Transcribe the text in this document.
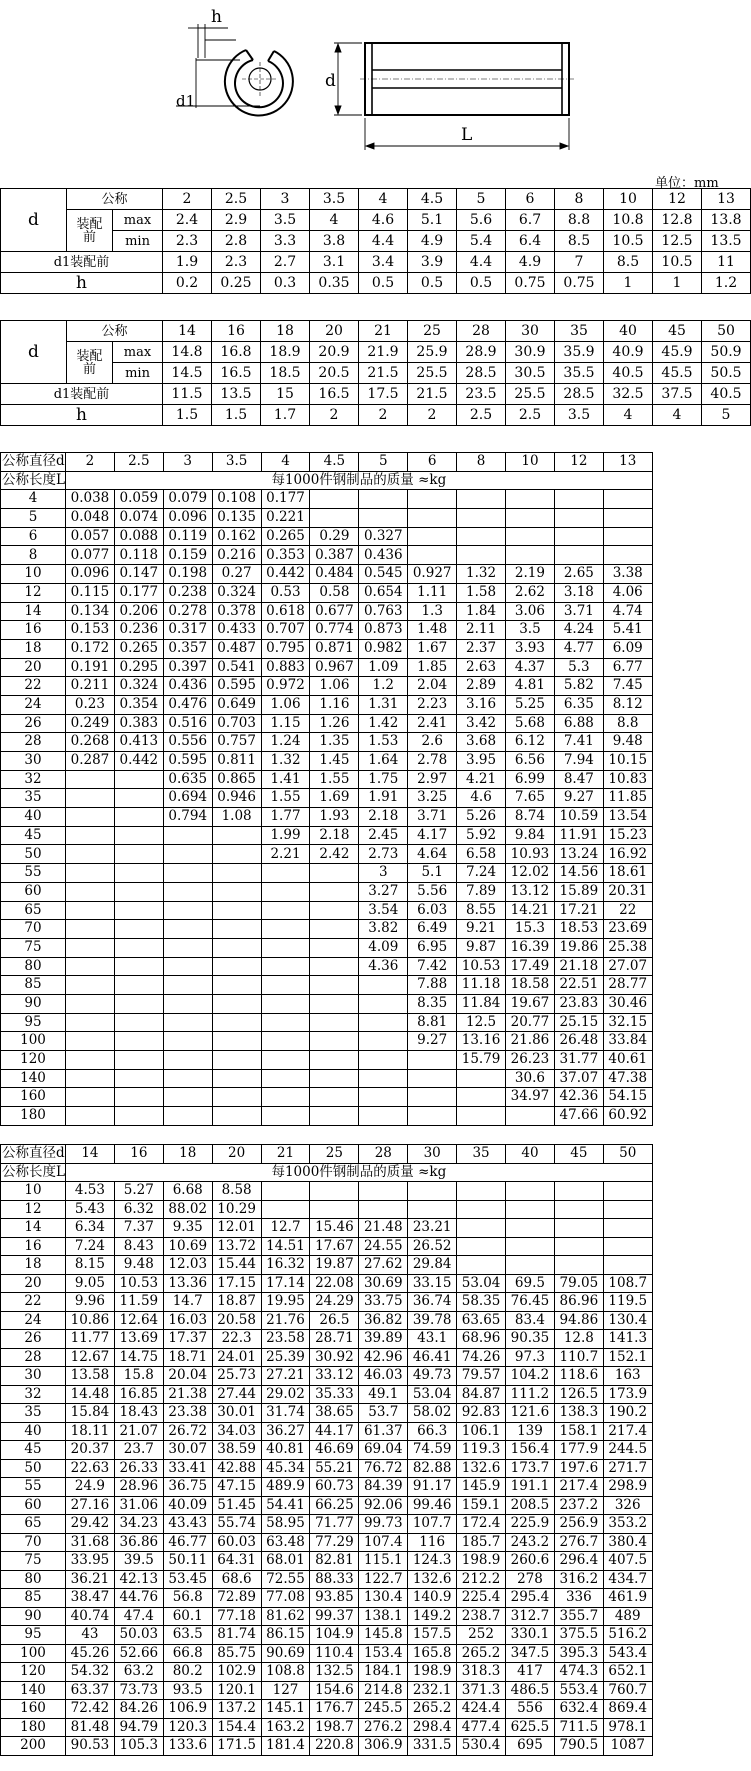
h
d1
d
L
单位：mm
d	公称		2	2.5	3	3.5	4	4.5	5	6	8	10	12	13
	装配
前	max	2.4	2.9	3.5	4	4.6	5.1	5.6	6.7	8.8	10.8	12.8	13.8
		min	2.3	2.8	3.3	3.8	4.4	4.9	5.4	6.4	8.5	10.5	12.5	13.5
d1装配前			1.9	2.3	2.7	3.1	3.4	3.9	4.4	4.9	7	8.5	10.5	11
h			0.2	0.25	0.3	0.35	0.5	0.5	0.5	0.75	0.75	1	1	1.2
d	公称		14	16	18	20	21	25	28	30	35	40	45	50
	装配
前	max	14.8	16.8	18.9	20.9	21.9	25.9	28.9	30.9	35.9	40.9	45.9	50.9
		min	14.5	16.5	18.5	20.5	21.5	25.5	28.5	30.5	35.5	40.5	45.5	50.5
d1装配前			11.5	13.5	15	16.5	17.5	21.5	23.5	25.5	28.5	32.5	37.5	40.5
h			1.5	1.5	1.7	2	2	2	2.5	2.5	3.5	4	4	5
公称直径d	2	2.5	3	3.5	4	4.5	5	6	8	10	12	13
公称长度L	每1000件钢制品的质量 ≈kg											
4	0.038	0.059	0.079	0.108	0.177							
5	0.048	0.074	0.096	0.135	0.221							
6	0.057	0.088	0.119	0.162	0.265	0.29	0.327					
8	0.077	0.118	0.159	0.216	0.353	0.387	0.436					
10	0.096	0.147	0.198	0.27	0.442	0.484	0.545	0.927	1.32	2.19	2.65	3.38
12	0.115	0.177	0.238	0.324	0.53	0.58	0.654	1.11	1.58	2.62	3.18	4.06
14	0.134	0.206	0.278	0.378	0.618	0.677	0.763	1.3	1.84	3.06	3.71	4.74
16	0.153	0.236	0.317	0.433	0.707	0.774	0.873	1.48	2.11	3.5	4.24	5.41
18	0.172	0.265	0.357	0.487	0.795	0.871	0.982	1.67	2.37	3.93	4.77	6.09
20	0.191	0.295	0.397	0.541	0.883	0.967	1.09	1.85	2.63	4.37	5.3	6.77
22	0.211	0.324	0.436	0.595	0.972	1.06	1.2	2.04	2.89	4.81	5.82	7.45
24	0.23	0.354	0.476	0.649	1.06	1.16	1.31	2.23	3.16	5.25	6.35	8.12
26	0.249	0.383	0.516	0.703	1.15	1.26	1.42	2.41	3.42	5.68	6.88	8.8
28	0.268	0.413	0.556	0.757	1.24	1.35	1.53	2.6	3.68	6.12	7.41	9.48
30	0.287	0.442	0.595	0.811	1.32	1.45	1.64	2.78	3.95	6.56	7.94	10.15
32			0.635	0.865	1.41	1.55	1.75	2.97	4.21	6.99	8.47	10.83
35			0.694	0.946	1.55	1.69	1.91	3.25	4.6	7.65	9.27	11.85
40			0.794	1.08	1.77	1.93	2.18	3.71	5.26	8.74	10.59	13.54
45					1.99	2.18	2.45	4.17	5.92	9.84	11.91	15.23
50					2.21	2.42	2.73	4.64	6.58	10.93	13.24	16.92
55							3	5.1	7.24	12.02	14.56	18.61
60							3.27	5.56	7.89	13.12	15.89	20.31
65							3.54	6.03	8.55	14.21	17.21	22
70							3.82	6.49	9.21	15.3	18.53	23.69
75							4.09	6.95	9.87	16.39	19.86	25.38
80							4.36	7.42	10.53	17.49	21.18	27.07
85								7.88	11.18	18.58	22.51	28.77
90								8.35	11.84	19.67	23.83	30.46
95								8.81	12.5	20.77	25.15	32.15
100								9.27	13.16	21.86	26.48	33.84
120									15.79	26.23	31.77	40.61
140										30.6	37.07	47.38
160										34.97	42.36	54.15
180											47.66	60.92
公称直径d	14	16	18	20	21	25	28	30	35	40	45	50
公称长度L	每1000件钢制品的质量 ≈kg											
10	4.53	5.27	6.68	8.58								
12	5.43	6.32	88.02	10.29								
14	6.34	7.37	9.35	12.01	12.7	15.46	21.48	23.21				
16	7.24	8.43	10.69	13.72	14.51	17.67	24.55	26.52				
18	8.15	9.48	12.03	15.44	16.32	19.87	27.62	29.84				
20	9.05	10.53	13.36	17.15	17.14	22.08	30.69	33.15	53.04	69.5	79.05	108.7
22	9.96	11.59	14.7	18.87	19.95	24.29	33.75	36.74	58.35	76.45	86.96	119.5
24	10.86	12.64	16.03	20.58	21.76	26.5	36.82	39.78	63.65	83.4	94.86	130.4
26	11.77	13.69	17.37	22.3	23.58	28.71	39.89	43.1	68.96	90.35	12.8	141.3
28	12.67	14.75	18.71	24.01	25.39	30.92	42.96	46.41	74.26	97.3	110.7	152.1
30	13.58	15.8	20.04	25.73	27.21	33.12	46.03	49.73	79.57	104.2	118.6	163
32	14.48	16.85	21.38	27.44	29.02	35.33	49.1	53.04	84.87	111.2	126.5	173.9
35	15.84	18.43	23.38	30.01	31.74	38.65	53.7	58.02	92.83	121.6	138.3	190.2
40	18.11	21.07	26.72	34.03	36.27	44.17	61.37	66.3	106.1	139	158.1	217.4
45	20.37	23.7	30.07	38.59	40.81	46.69	69.04	74.59	119.3	156.4	177.9	244.5
50	22.63	26.33	33.41	42.88	45.34	55.21	76.72	82.88	132.6	173.7	197.6	271.7
55	24.9	28.96	36.75	47.15	489.9	60.73	84.39	91.17	145.9	191.1	217.4	298.9
60	27.16	31.06	40.09	51.45	54.41	66.25	92.06	99.46	159.1	208.5	237.2	326
65	29.42	34.23	43.43	55.74	58.95	71.77	99.73	107.7	172.4	225.9	256.9	353.2
70	31.68	36.86	46.77	60.03	63.48	77.29	107.4	116	185.7	243.2	276.7	380.4
75	33.95	39.5	50.11	64.31	68.01	82.81	115.1	124.3	198.9	260.6	296.4	407.5
80	36.21	42.13	53.45	68.6	72.55	88.33	122.7	132.6	212.2	278	316.2	434.7
85	38.47	44.76	56.8	72.89	77.08	93.85	130.4	140.9	225.4	295.4	336	461.9
90	40.74	47.4	60.1	77.18	81.62	99.37	138.1	149.2	238.7	312.7	355.7	489
95	43	50.03	63.5	81.74	86.15	104.9	145.8	157.5	252	330.1	375.5	516.2
100	45.26	52.66	66.8	85.75	90.69	110.4	153.4	165.8	265.2	347.5	395.3	543.4
120	54.32	63.2	80.2	102.9	108.8	132.5	184.1	198.9	318.3	417	474.3	652.1
140	63.37	73.73	93.5	120.1	127	154.6	214.8	232.1	371.3	486.5	553.4	760.7
160	72.42	84.26	106.9	137.2	145.1	176.7	245.5	265.2	424.4	556	632.4	869.4
180	81.48	94.79	120.3	154.4	163.2	198.7	276.2	298.4	477.4	625.5	711.5	978.1
200	90.53	105.3	133.6	171.5	181.4	220.8	306.9	331.5	530.4	695	790.5	1087
